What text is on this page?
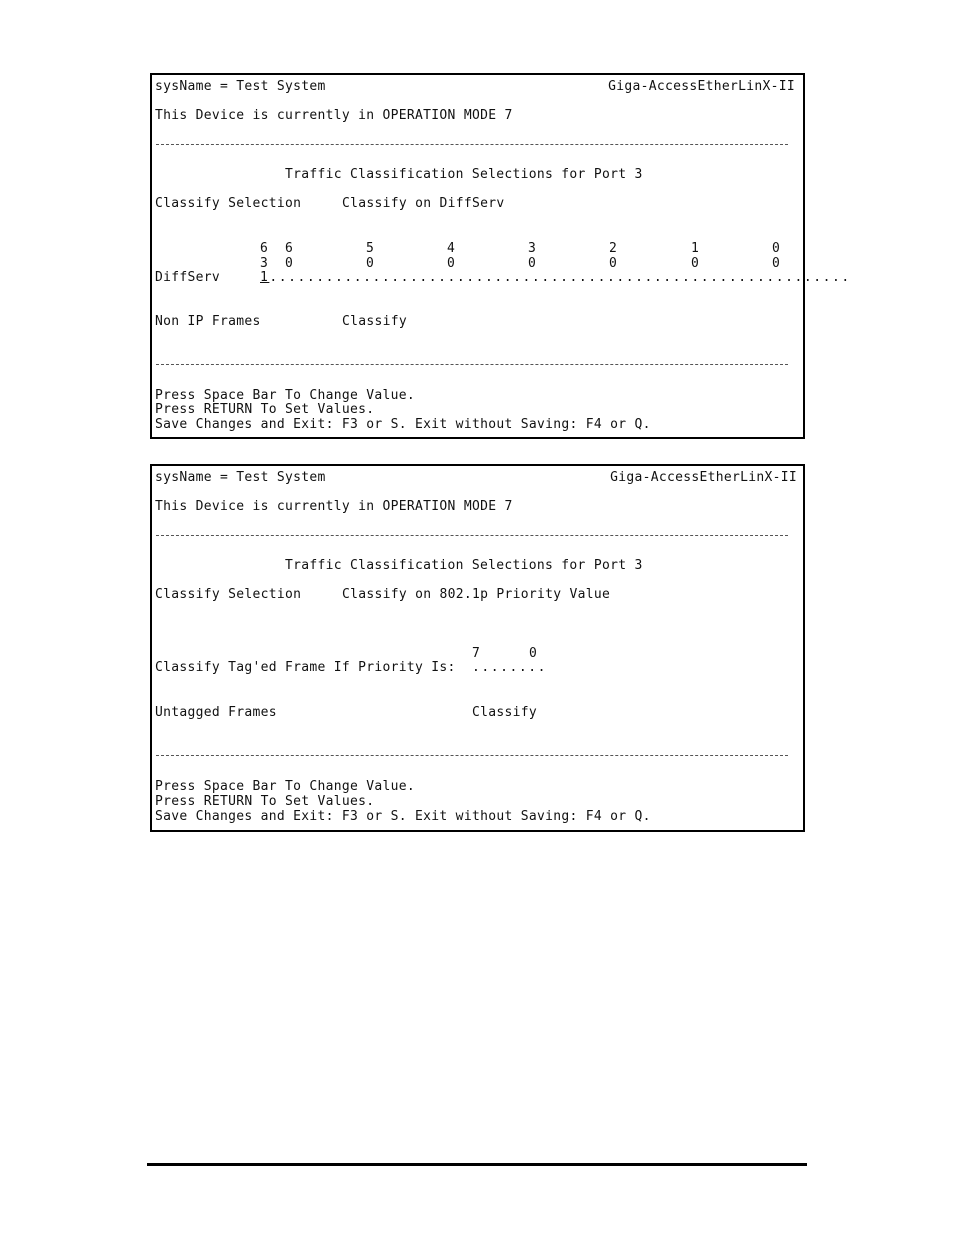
sysName = Test System	Giga-AccessEtherLinX-II
This Device is currently in OPERATION MODE 7
Traffic Classification Selections for Port 3
Classify Selection	Classify on DiffServ
6 6	5	4	3	2	1	0
3 0	0	0	0	0	0	0
DiffServ	1..............................................................
Non IP Frames	Classify
Press Space Bar To Change Value.
Press RETURN To Set Values.
Save Changes and Exit: F3 or S. Exit without Saving: F4 or Q.
sysName = Test System	Giga-AccessEtherLinX-II
This Device is currently in OPERATION MODE 7
Traffic Classification Selections for Port 3
Classify Selection	Classify on 802.1p Priority Value
7	0
Classify Tag'ed Frame If Priority Is: ........
Untagged Frames	Classify
Press Space Bar To Change Value.
Press RETURN To Set Values.
Save Changes and Exit: F3 or S. Exit without Saving: F4 or Q.
